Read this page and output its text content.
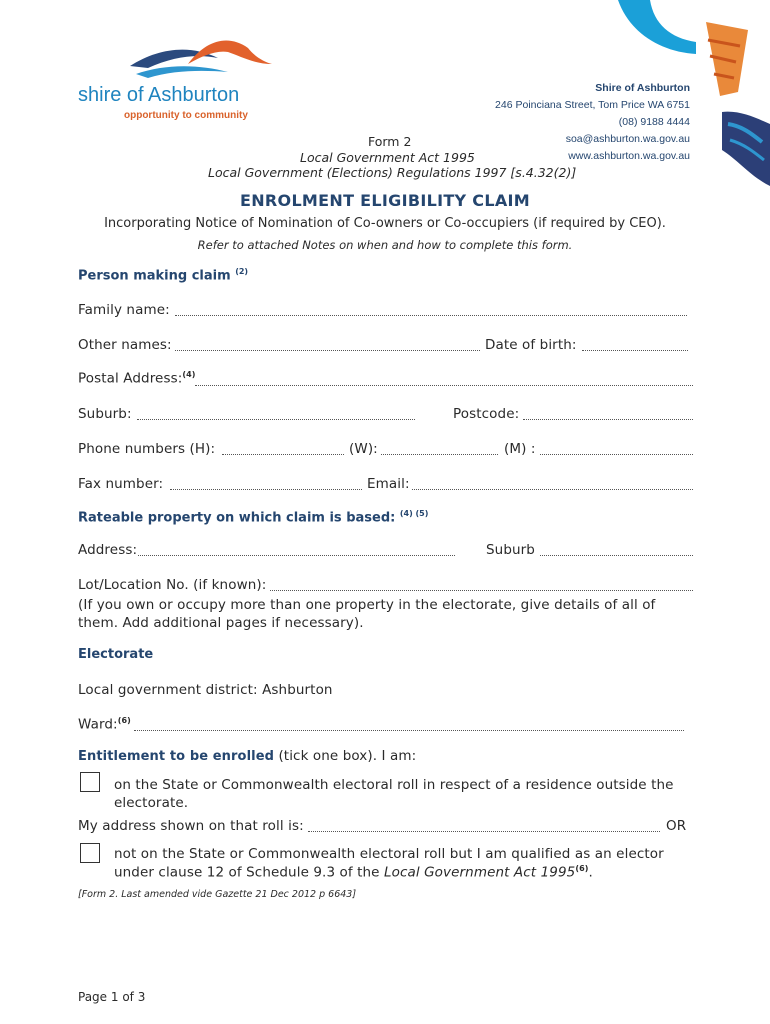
shire of Ashburton
opportunity to community
Shire of Ashburton
246 Poinciana Street, Tom Price WA 6751
(08) 9188 4444
soa@ashburton.wa.gov.au
www.ashburton.wa.gov.au
Form 2
Local Government Act 1995
Local Government (Elections) Regulations 1997 [s.4.32(2)]
ENROLMENT ELIGIBILITY CLAIM
Incorporating Notice of Nomination of Co-owners or Co-occupiers (if required by CEO).
Refer to attached Notes on when and how to complete this form.
Person making claim $^{(2)}$
Family name:
Other names:	Date of birth:
Postal Address:$^{(4)}$
Suburb:	Postcode:
Phone numbers (H):	(W):	(M) :
Fax number:	Email:
Rateable property on which claim is based: $^{(4) (5)}$
Address:	Suburb
Lot/Location No. (if known):
(If you own or occupy more than one property in the electorate, give details of all of
them. Add additional pages if necessary).
Electorate
Local government district: Ashburton
Ward:$^{(6)}$
Entitlement to be enrolled (tick one box). I am:
on the State or Commonwealth electoral roll in respect of a residence outside the
electorate.
My address shown on that roll is:	OR
not on the State or Commonwealth electoral roll but I am qualified as an elector
under clause 12 of Schedule 9.3 of the Local Government Act 1995$^{(6)}$.
[Form 2. Last amended vide Gazette 21 Dec 2012 p 6643]
Page 1 of 3
